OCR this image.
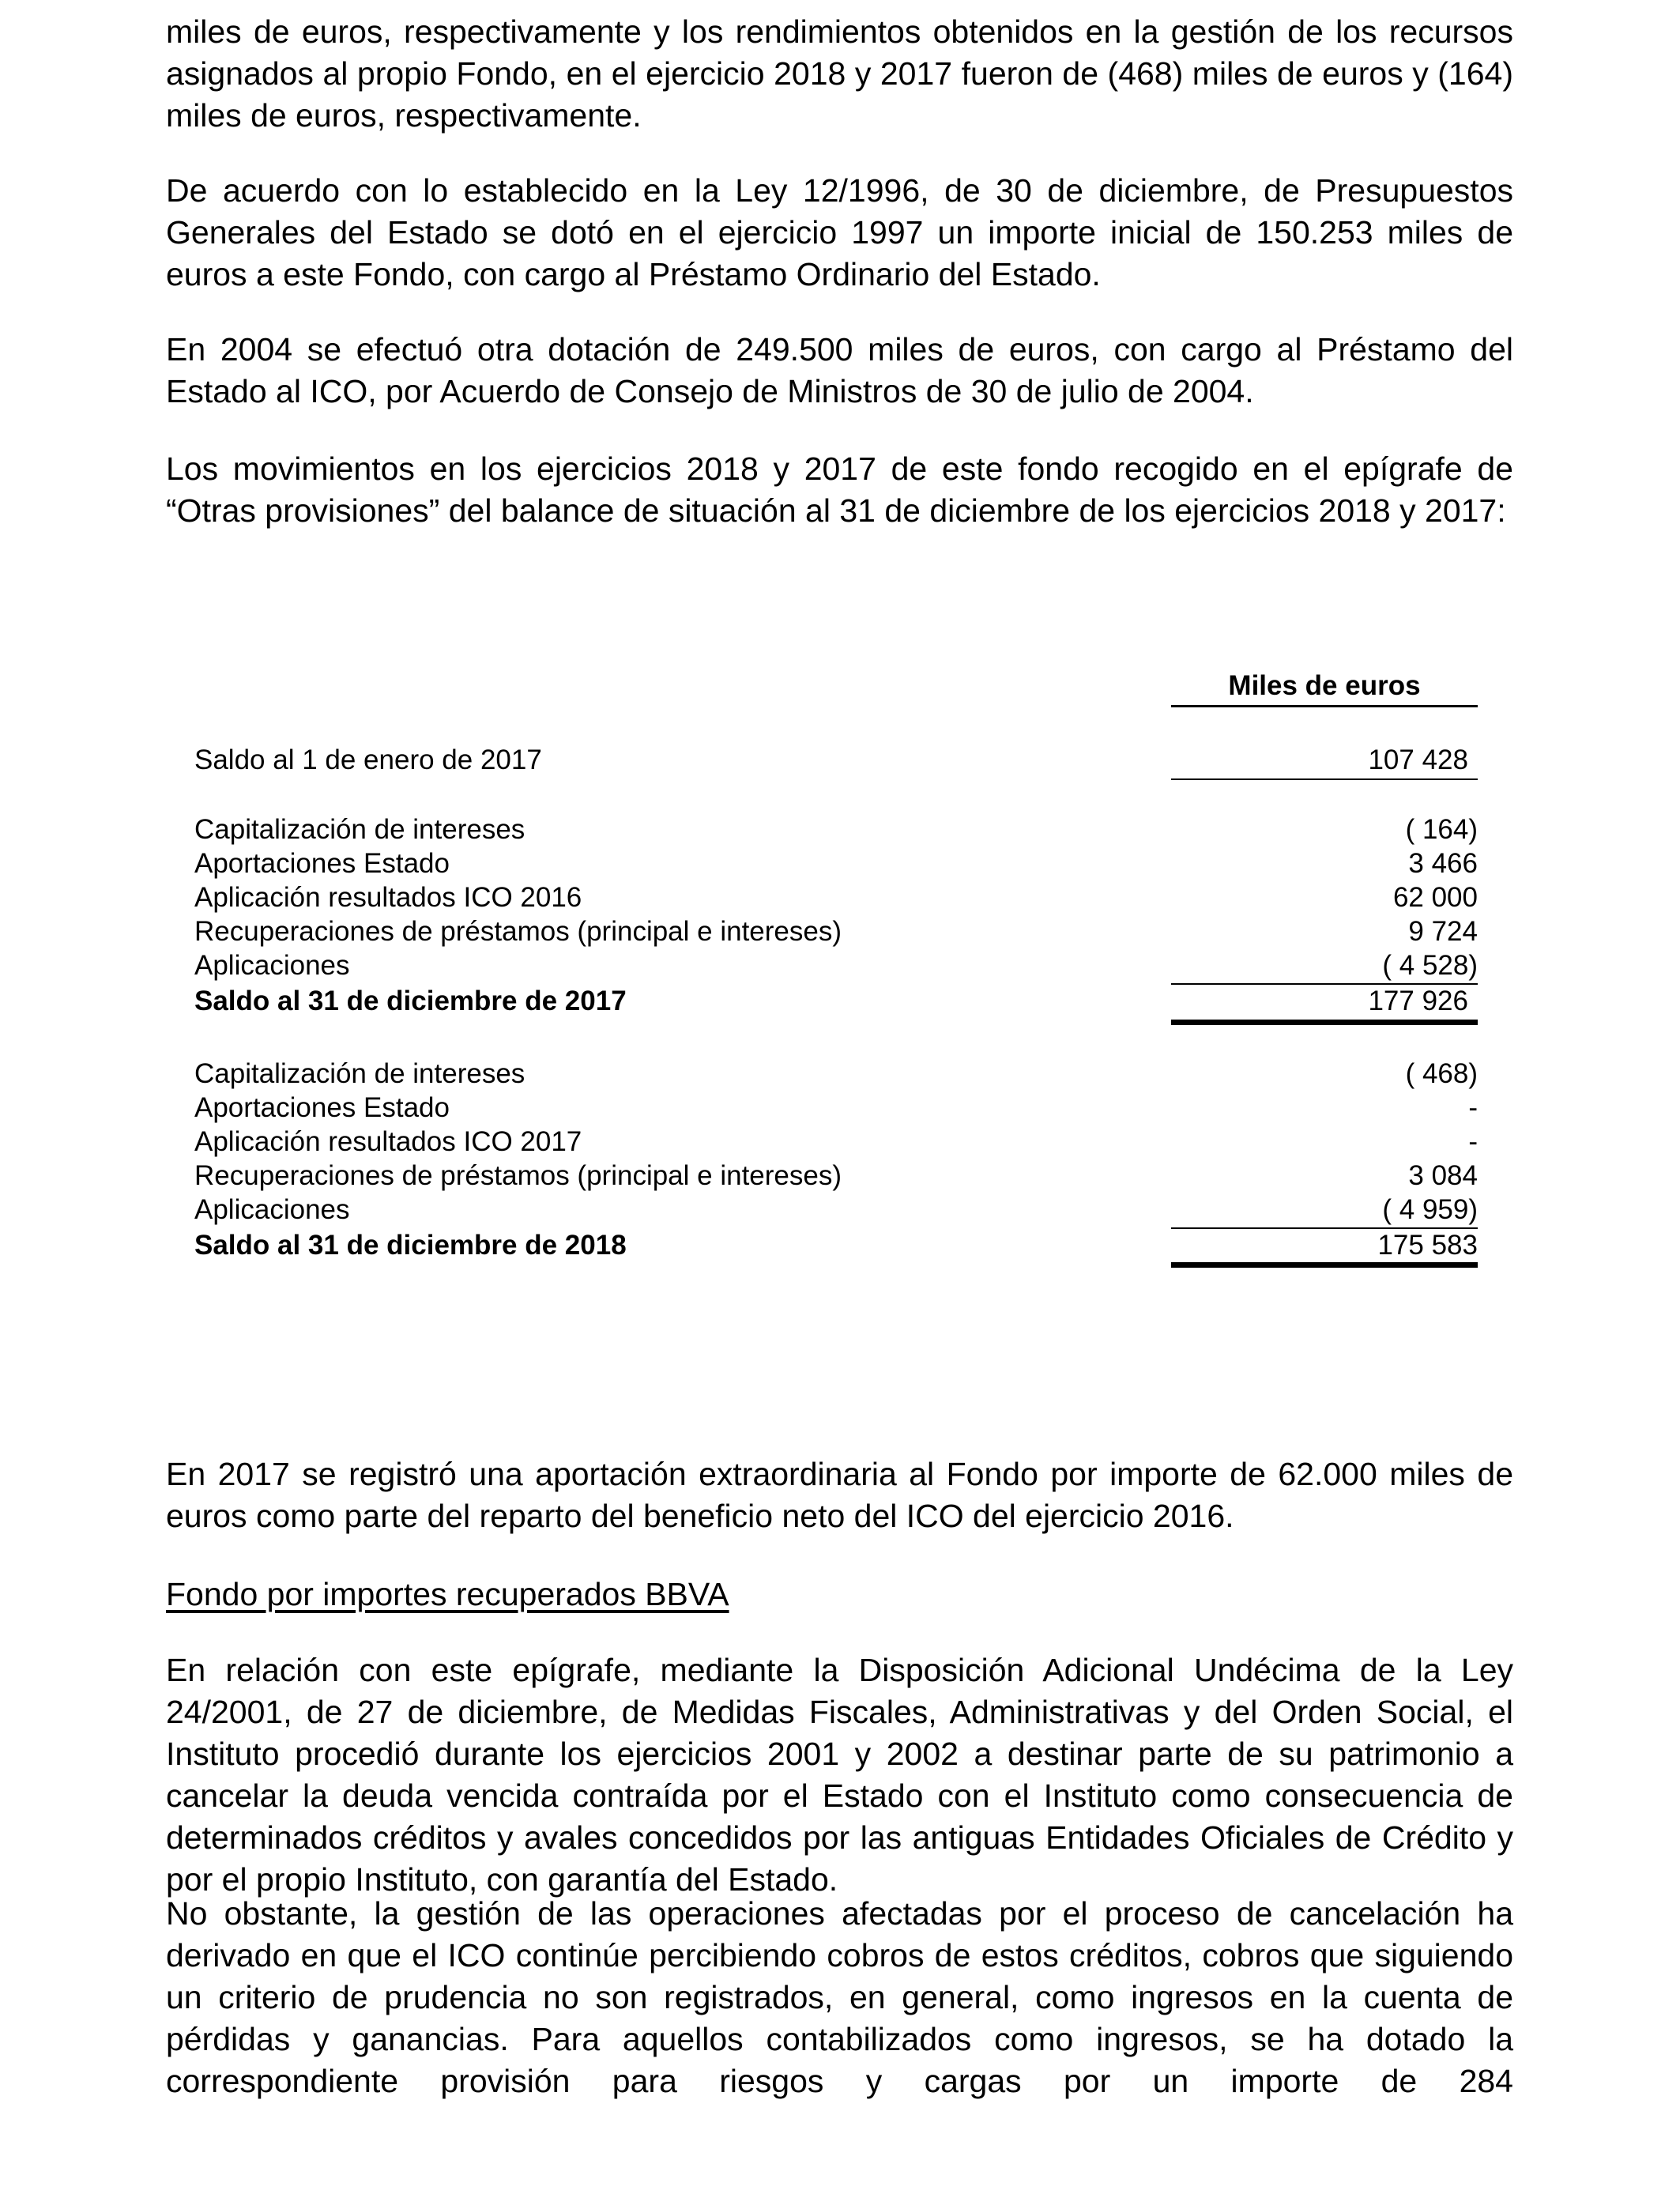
miles de euros, respectivamente y los rendimientos obtenidos en la gestión de los recursos asignados al propio Fondo, en el ejercicio 2018 y 2017 fueron de (468) miles de euros y (164) miles de euros, respectivamente.

De acuerdo con lo establecido en la Ley 12/1996, de 30 de diciembre, de Presupuestos Generales del Estado se dotó en el ejercicio 1997 un importe inicial de 150.253 miles de euros a este Fondo, con cargo al Préstamo Ordinario del Estado.

En 2004 se efectuó otra dotación de 249.500 miles de euros, con cargo al Préstamo del Estado al ICO, por Acuerdo de Consejo de Ministros de 30 de julio de 2004.

Los movimientos en los ejercicios 2018 y 2017 de este fondo recogido en el epígrafe de “Otras provisiones” del balance de situación al 31 de diciembre de los ejercicios 2018 y 2017:

Miles de euros
Saldo al 1 de enero de 2017	107 428
Capitalización de intereses	( 164)
Aportaciones Estado	3 466
Aplicación resultados ICO 2016	62 000
Recuperaciones de préstamos (principal e intereses)	9 724
Aplicaciones	( 4 528)
Saldo al 31 de diciembre de 2017	177 926
Capitalización de intereses	( 468)
Aportaciones Estado	-
Aplicación resultados ICO 2017	-
Recuperaciones de préstamos (principal e intereses)	3 084
Aplicaciones	( 4 959)
Saldo al 31 de diciembre de 2018	175 583

En 2017 se registró una aportación extraordinaria al Fondo por importe de 62.000 miles de euros como parte del reparto del beneficio neto del ICO del ejercicio 2016.

Fondo por importes recuperados BBVA

En relación con este epígrafe, mediante la Disposición Adicional Undécima de la Ley 24/2001, de 27 de diciembre, de Medidas Fiscales, Administrativas y del Orden Social, el Instituto procedió durante los ejercicios 2001 y 2002 a destinar parte de su patrimonio a cancelar la deuda vencida contraída por el Estado con el Instituto como consecuencia de determinados créditos y avales concedidos por las antiguas Entidades Oficiales de Crédito y por el propio Instituto, con garantía del Estado.

No obstante, la gestión de las operaciones afectadas por el proceso de cancelación ha derivado en que el ICO continúe percibiendo cobros de estos créditos, cobros que siguiendo un criterio de prudencia no son registrados, en general, como ingresos en la cuenta de pérdidas y ganancias. Para aquellos contabilizados como ingresos, se ha dotado la correspondiente provisión para riesgos y cargas por un importe de 284
